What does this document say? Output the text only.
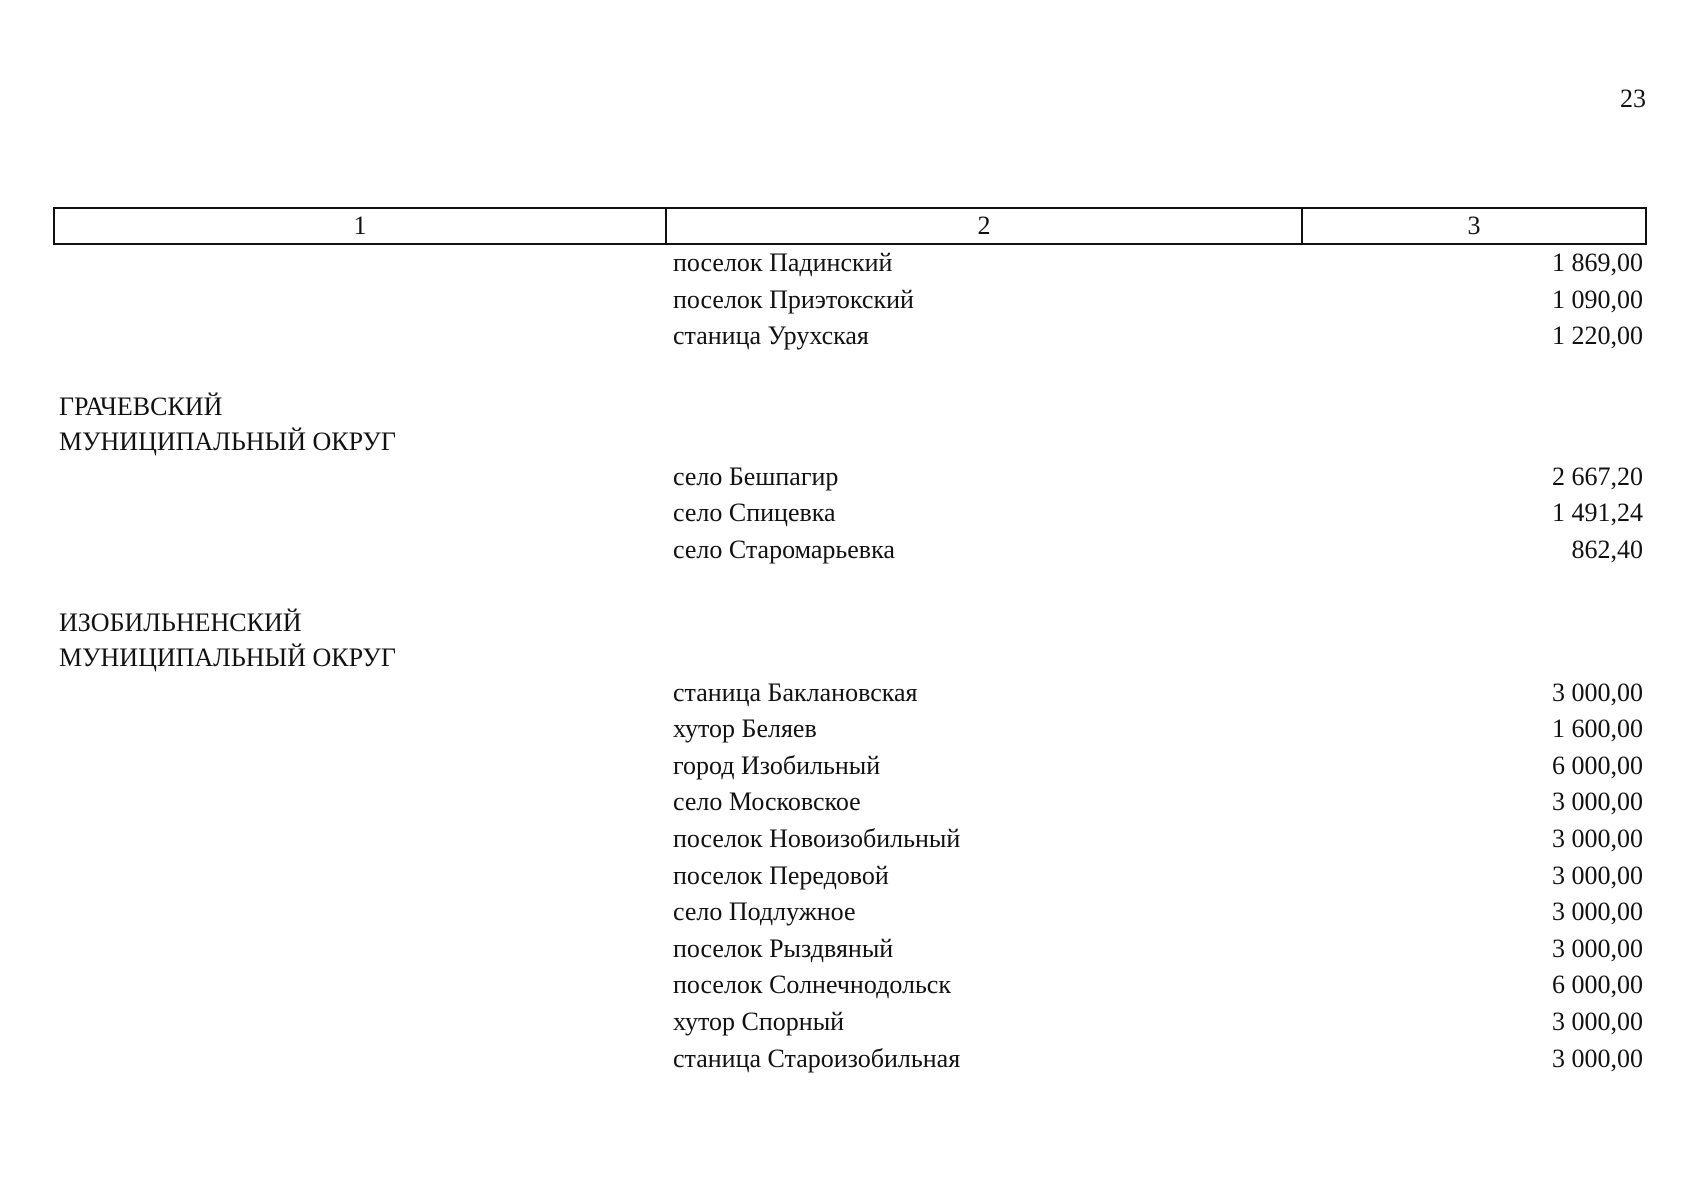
23
1	2	3
поселок Падинский	1 869,00
поселок Приэтокский	1 090,00
станица Урухская	1 220,00
ГРАЧЕВСКИЙ
МУНИЦИПАЛЬНЫЙ ОКРУГ
село Бешпагир	2 667,20
село Спицевка	1 491,24
село Старомарьевка	862,40
ИЗОБИЛЬНЕНСКИЙ
МУНИЦИПАЛЬНЫЙ ОКРУГ
станица Баклановская	3 000,00
хутор Беляев	1 600,00
город Изобильный	6 000,00
село Московское	3 000,00
поселок Новоизобильный	3 000,00
поселок Передовой	3 000,00
село Подлужное	3 000,00
поселок Рыздвяный	3 000,00
поселок Солнечнодольск	6 000,00
хутор Спорный	3 000,00
станица Староизобильная	3 000,00
